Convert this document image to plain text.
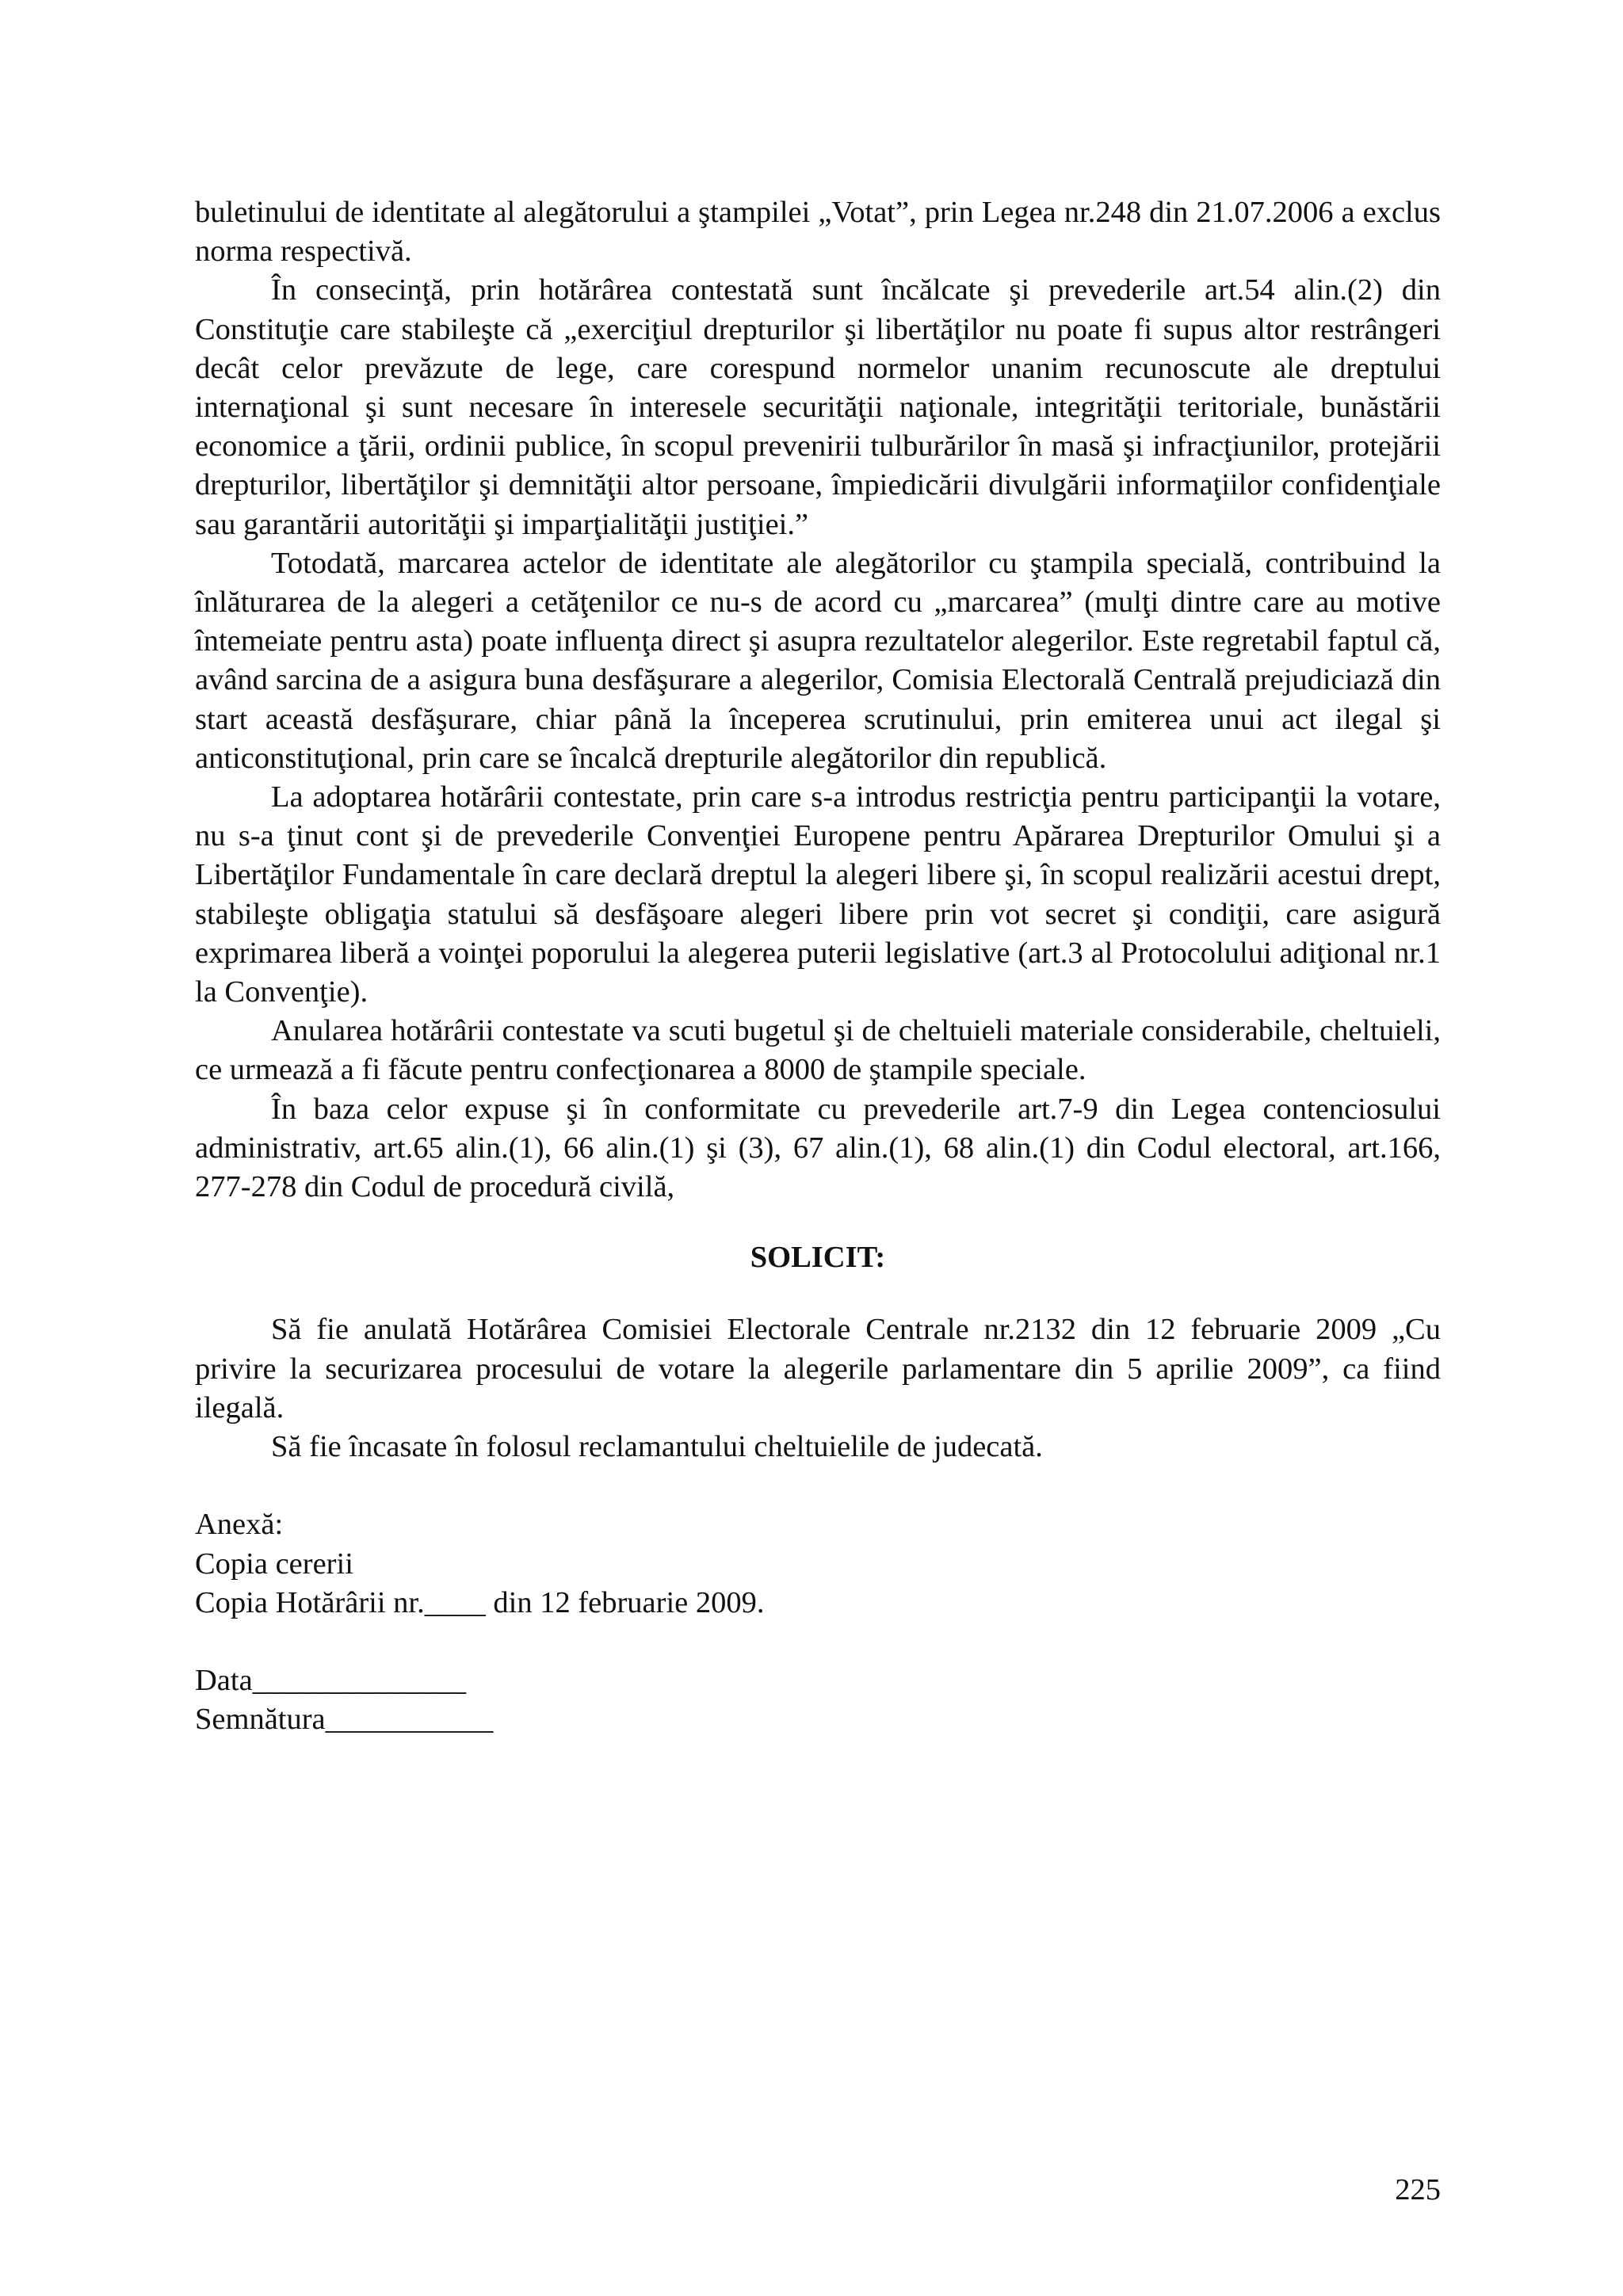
buletinului de identitate al alegătorului a ştampilei „Votat”, prin Legea nr.248 din 21.07.2006 a exclus norma respectivă.

În consecinţă, prin hotărârea contestată sunt încălcate şi prevederile art.54 alin.(2) din Constituţie care stabileşte că „exerciţiul drepturilor şi libertăţilor nu poate fi supus altor restrângeri decât celor prevăzute de lege, care corespund normelor unanim recunoscute ale dreptului internaţional şi sunt necesare în interesele securităţii naţionale, integrităţii teritoriale, bunăstării economice a ţării, ordinii publice, în scopul prevenirii tulburărilor în masă şi infracţiunilor, protejării drepturilor, libertăţilor şi demnităţii altor persoane, împiedicării divulgării informaţiilor confidenţiale sau garantării autorităţii şi imparţialităţii justiţiei.”

Totodată, marcarea actelor de identitate ale alegătorilor cu ştampila specială, contribuind la înlăturarea de la alegeri a cetăţenilor ce nu-s de acord cu „marcarea” (mulţi dintre care au motive întemeiate pentru asta) poate influenţa direct şi asupra rezultatelor alegerilor. Este regretabil faptul că, având sarcina de a asigura buna desfăşurare a alegerilor, Comisia Electorală Centrală prejudiciază din start această desfăşurare, chiar până la începerea scrutinului, prin emiterea unui act ilegal şi anticonstituţional, prin care se încalcă drepturile alegătorilor din republică.

La adoptarea hotărârii contestate, prin care s-a introdus restricţia pentru participanţii la votare, nu s-a ţinut cont şi de prevederile Convenţiei Europene pentru Apărarea Drepturilor Omului şi a Libertăţilor Fundamentale în care declară dreptul la alegeri libere şi, în scopul realizării acestui drept, stabileşte obligaţia statului să desfăşoare alegeri libere prin vot secret şi condiţii, care asigură exprimarea liberă a voinţei poporului la alegerea puterii legislative (art.3 al Protocolului adiţional nr.1 la Convenţie).

Anularea hotărârii contestate va scuti bugetul şi de cheltuieli materiale considerabile, cheltuieli, ce urmează a fi făcute pentru confecţionarea a 8000 de ştampile speciale.

În baza celor expuse şi în conformitate cu prevederile art.7-9 din Legea contenciosului administrativ, art.65 alin.(1), 66 alin.(1) şi (3), 67 alin.(1), 68 alin.(1) din Codul electoral, art.166, 277-278 din Codul de procedură civilă,

SOLICIT:

Să fie anulată Hotărârea Comisiei Electorale Centrale nr.2132 din 12 februarie 2009 „Cu privire la securizarea procesului de votare la alegerile parlamentare din 5 aprilie 2009”, ca fiind ilegală.

Să fie încasate în folosul reclamantului cheltuielile de judecată.

Anexă:

Copia cererii

Copia Hotărârii nr.____ din 12 februarie 2009.

Data______________

Semnătura___________

225
